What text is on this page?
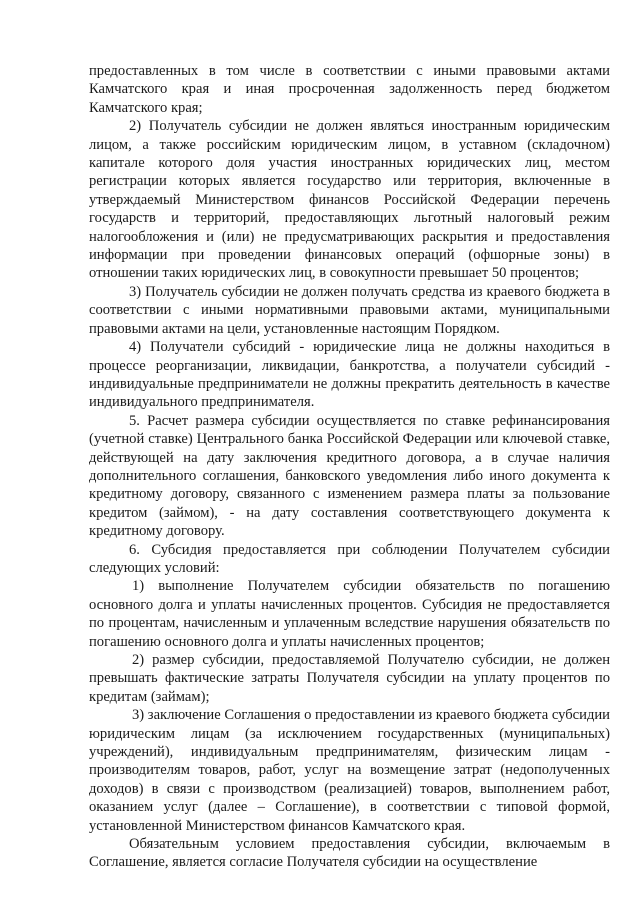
предоставленных в том числе в соответствии с иными правовыми актами Камчатского края и иная просроченная задолженность перед бюджетом Камчатского края;

2) Получатель субсидии не должен являться иностранным юридическим лицом, а также российским юридическим лицом, в уставном (складочном) капитале которого доля участия иностранных юридических лиц, местом регистрации которых является государство или территория, включенные в утверждаемый Министерством финансов Российской Федерации перечень государств и территорий, предоставляющих льготный налоговый режим налогообложения и (или) не предусматривающих раскрытия и предоставления информации при проведении финансовых операций (офшорные зоны) в отношении таких юридических лиц, в совокупности превышает 50 процентов;

3) Получатель субсидии не должен получать средства из краевого бюджета в соответствии с иными нормативными правовыми актами, муниципальными правовыми актами на цели, установленные настоящим Порядком.

4) Получатели субсидий - юридические лица не должны находиться в процессе реорганизации, ликвидации, банкротства, а получатели субсидий - индивидуальные предприниматели не должны прекратить деятельность в качестве индивидуального предпринимателя.

5. Расчет размера субсидии осуществляется по ставке рефинансирования (учетной ставке) Центрального банка Российской Федерации или ключевой ставке, действующей на дату заключения кредитного договора, а в случае наличия дополнительного соглашения, банковского уведомления либо иного документа к кредитному договору, связанного с изменением размера платы за пользование кредитом (займом), - на дату составления соответствующего документа к кредитному договору.

6. Субсидия предоставляется при соблюдении Получателем субсидии следующих условий:

1) выполнение Получателем субсидии обязательств по погашению основного долга и уплаты начисленных процентов. Субсидия не предоставляется по процентам, начисленным и уплаченным вследствие нарушения обязательств по погашению основного долга и уплаты начисленных процентов;

2) размер субсидии, предоставляемой Получателю субсидии, не должен превышать фактические затраты Получателя субсидии на уплату процентов по кредитам (займам);

3) заключение Соглашения о предоставлении из краевого бюджета субсидии юридическим лицам (за исключением государственных (муниципальных) учреждений), индивидуальным предпринимателям, физическим лицам - производителям товаров, работ, услуг на возмещение затрат (недополученных доходов) в связи с производством (реализацией) товаров, выполнением работ, оказанием услуг (далее – Соглашение), в соответствии с типовой формой, установленной Министерством финансов Камчатского края.

Обязательным условием предоставления субсидии, включаемым в Соглашение, является согласие Получателя субсидии на осуществление
